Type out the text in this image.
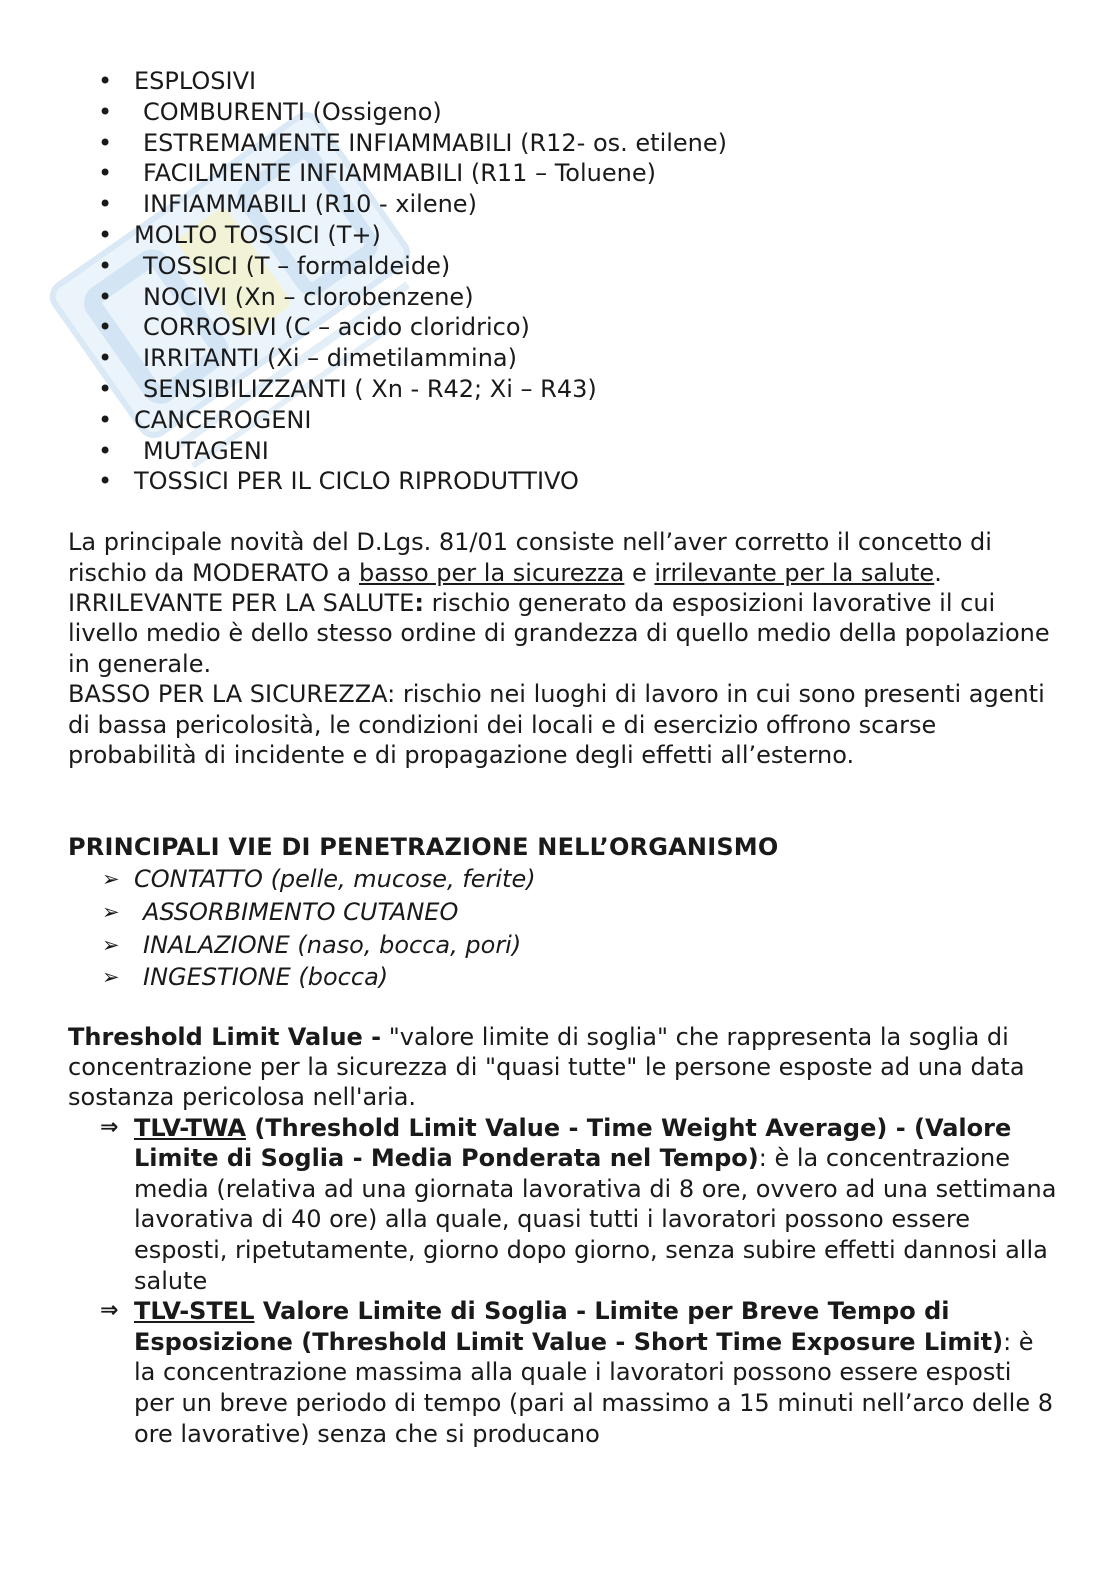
• ESPLOSIVI
• COMBURENTI (Ossigeno)
• ESTREMAMENTE INFIAMMABILI (R12- os. etilene)
• FACILMENTE INFIAMMABILI (R11 – Toluene)
• INFIAMMABILI (R10 - xilene)
• MOLTO TOSSICI (T+)
• TOSSICI (T – formaldeide)
• NOCIVI (Xn – clorobenzene)
• CORROSIVI (C – acido cloridrico)
• IRRITANTI (Xi – dimetilammina)
• SENSIBILIZZANTI ( Xn - R42; Xi – R43)
• CANCEROGENI
• MUTAGENI
• TOSSICI PER IL CICLO RIPRODUTTIVO

La principale novità del D.Lgs. 81/01 consiste nell’aver corretto il concetto di rischio da MODERATO a basso per la sicurezza e irrilevante per la salute.

IRRILEVANTE PER LA SALUTE: rischio generato da esposizioni lavorative il cui livello medio è dello stesso ordine di grandezza di quello medio della popolazione in generale.

BASSO PER LA SICUREZZA: rischio nei luoghi di lavoro in cui sono presenti agenti di bassa pericolosità, le condizioni dei locali e di esercizio offrono scarse probabilità di incidente e di propagazione degli effetti all’esterno.

PRINCIPALI VIE DI PENETRAZIONE NELL’ORGANISMO
➢ CONTATTO (pelle, mucose, ferite)
➢ ASSORBIMENTO CUTANEO
➢ INALAZIONE (naso, bocca, pori)
➢ INGESTIONE (bocca)

Threshold Limit Value - "valore limite di soglia" che rappresenta la soglia di concentrazione per la sicurezza di "quasi tutte" le persone esposte ad una data sostanza pericolosa nell'aria.

⇒ TLV-TWA (Threshold Limit Value - Time Weight Average) - (Valore Limite di Soglia - Media Ponderata nel Tempo): è la concentrazione media (relativa ad una giornata lavorativa di 8 ore, ovvero ad una settimana lavorativa di 40 ore) alla quale, quasi tutti i lavoratori possono essere esposti, ripetutamente, giorno dopo giorno, senza subire effetti dannosi alla salute
⇒ TLV-STEL Valore Limite di Soglia - Limite per Breve Tempo di Esposizione (Threshold Limit Value - Short Time Exposure Limit): è la concentrazione massima alla quale i lavoratori possono essere esposti per un breve periodo di tempo (pari al massimo a 15 minuti nell’arco delle 8 ore lavorative) senza che si producano
